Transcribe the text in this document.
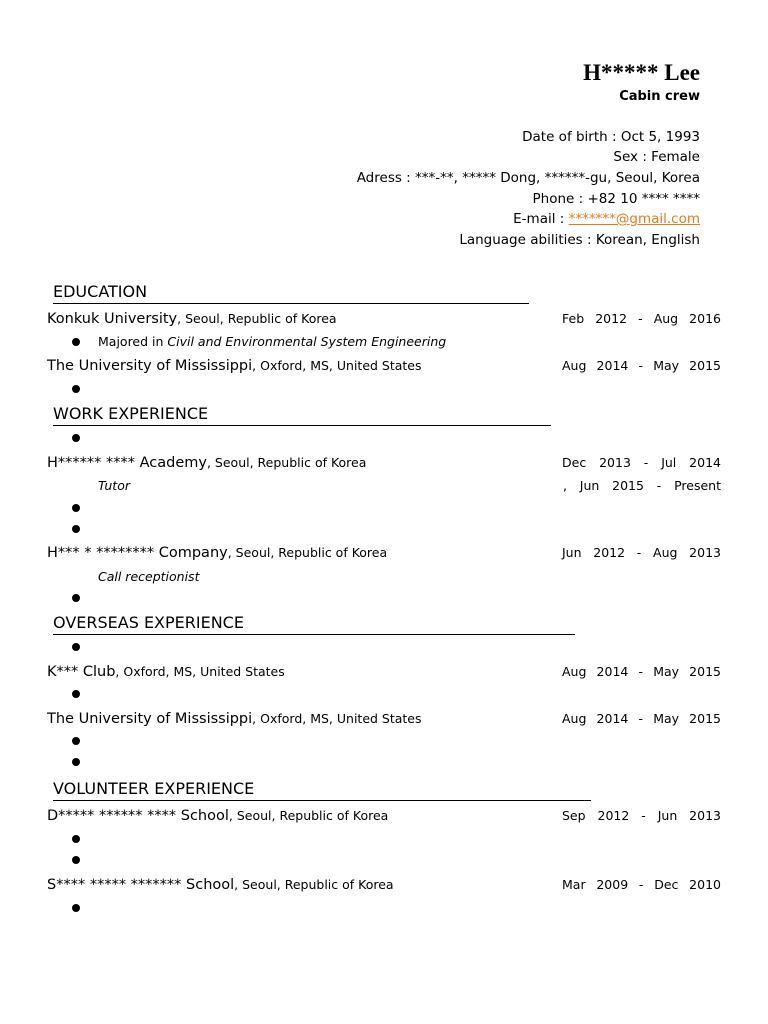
H***** Lee
Cabin crew
Date of birth : Oct 5, 1993
Sex : Female
Adress : ***-**, ***** Dong, ******-gu, Seoul, Korea
Phone : +82 10 **** ****
E-mail : *******@gmail.com
Language abilities : Korean, English
EDUCATION
Konkuk University, Seoul, Republic of Korea	Feb 2012 - Aug 2016
Majored in Civil and Environmental System Engineering
The University of Mississippi, Oxford, MS, United States	Aug 2014 - May 2015
WORK EXPERIENCE
H****** **** Academy, Seoul, Republic of Korea	Dec 2013 - Jul 2014
Tutor	, Jun 2015 - Present
H*** * ******** Company, Seoul, Republic of Korea	Jun 2012 - Aug 2013
Call receptionist
OVERSEAS EXPERIENCE
K*** Club, Oxford, MS, United States	Aug 2014 - May 2015
The University of Mississippi, Oxford, MS, United States	Aug 2014 - May 2015
VOLUNTEER EXPERIENCE
D***** ****** **** School, Seoul, Republic of Korea	Sep 2012 - Jun 2013
S**** ***** ******* School, Seoul, Republic of Korea	Mar 2009 - Dec 2010
